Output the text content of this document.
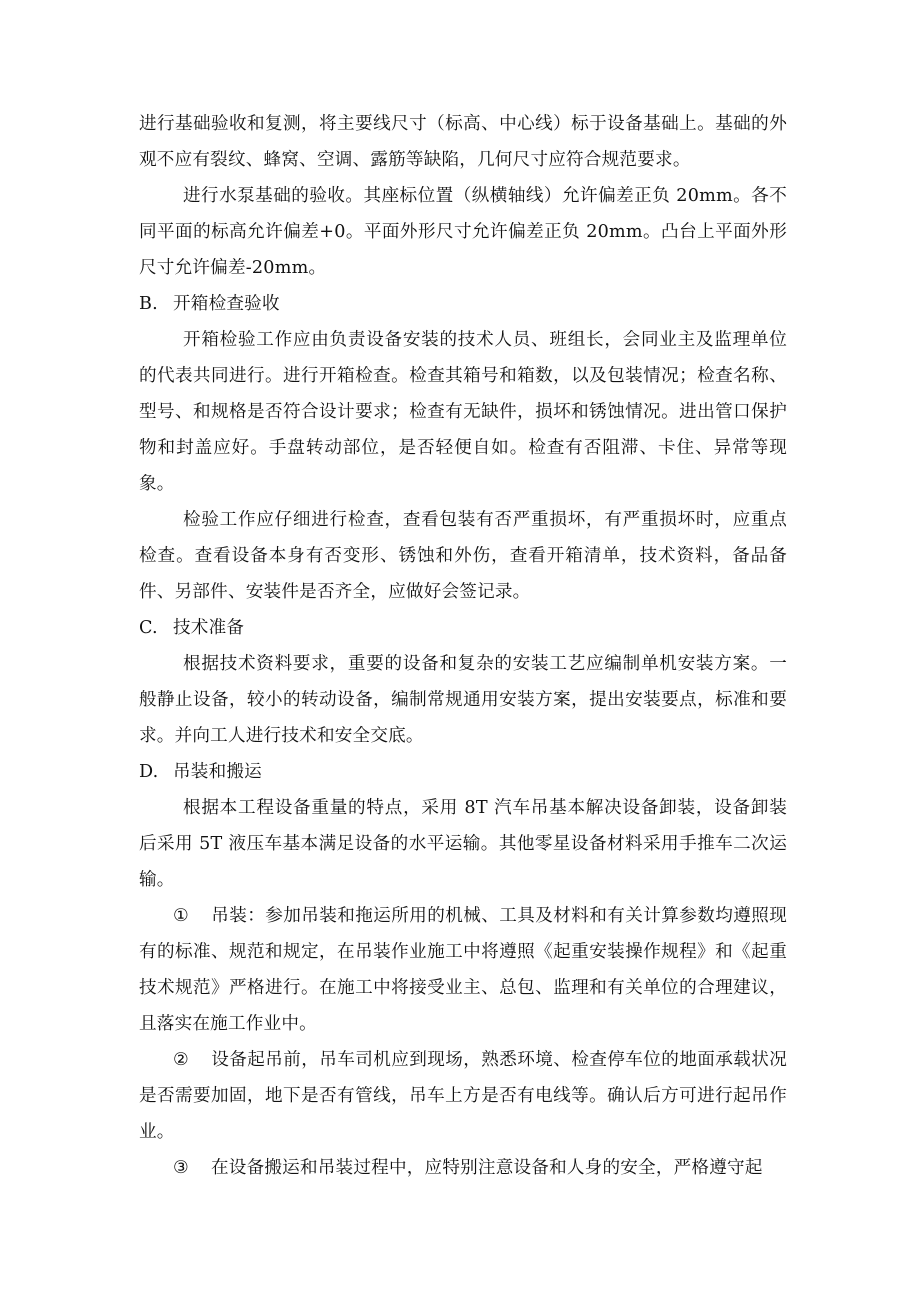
进行基础验收和复测，将主要线尺寸（标高、中心线）标于设备基础上。基础的外观不应有裂纹、蜂窝、空调、露筋等缺陷，几何尺寸应符合规范要求。

进行水泵基础的验收。其座标位置（纵横轴线）允许偏差正负 20mm。各不同平面的标高允许偏差+0。平面外形尺寸允许偏差正负 20mm。凸台上平面外形尺寸允许偏差-20mm。

B. 开箱检查验收

开箱检验工作应由负责设备安装的技术人员、班组长，会同业主及监理单位的代表共同进行。进行开箱检查。检查其箱号和箱数，以及包装情况；检查名称、型号、和规格是否符合设计要求；检查有无缺件，损坏和锈蚀情况。进出管口保护物和封盖应好。手盘转动部位，是否轻便自如。检查有否阻滞、卡住、异常等现象。

检验工作应仔细进行检查，查看包装有否严重损坏，有严重损坏时，应重点检查。查看设备本身有否变形、锈蚀和外伤，查看开箱清单，技术资料，备品备件、另部件、安装件是否齐全，应做好会签记录。

C. 技术准备

根据技术资料要求，重要的设备和复杂的安装工艺应编制单机安装方案。一般静止设备，较小的转动设备，编制常规通用安装方案，提出安装要点，标准和要求。并向工人进行技术和安全交底。

D. 吊装和搬运

根据本工程设备重量的特点，采用 8T 汽车吊基本解决设备卸装，设备卸装后采用 5T 液压车基本满足设备的水平运输。其他零星设备材料采用手推车二次运输。

① 吊装：参加吊装和拖运所用的机械、工具及材料和有关计算参数均遵照现有的标准、规范和规定，在吊装作业施工中将遵照《起重安装操作规程》和《起重技术规范》严格进行。在施工中将接受业主、总包、监理和有关单位的合理建议，且落实在施工作业中。

② 设备起吊前，吊车司机应到现场，熟悉环境、检查停车位的地面承载状况是否需要加固，地下是否有管线，吊车上方是否有电线等。确认后方可进行起吊作业。

③ 在设备搬运和吊装过程中，应特别注意设备和人身的安全，严格遵守起
